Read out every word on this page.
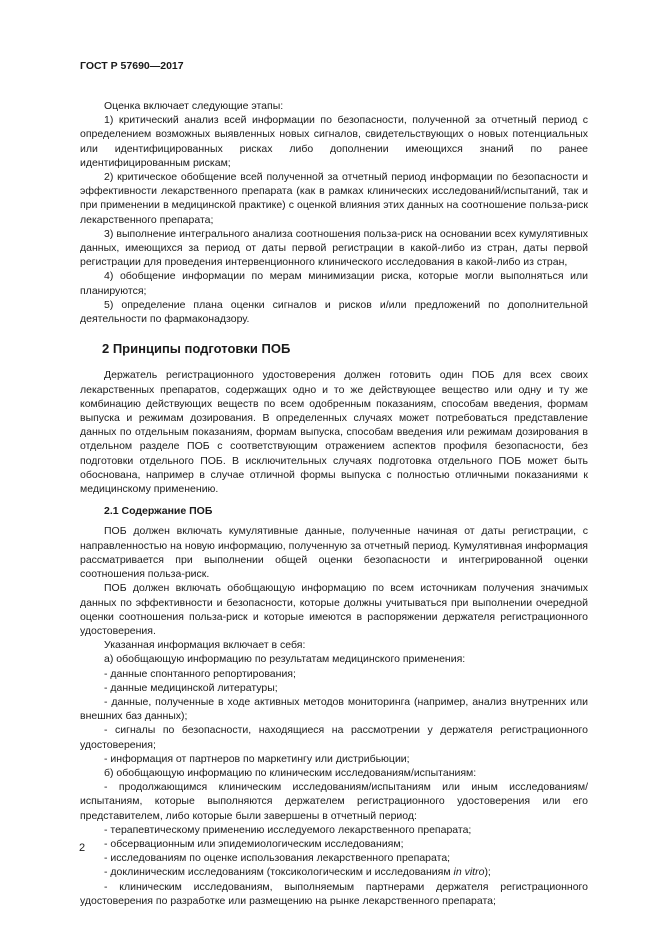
ГОСТ Р 57690—2017

Оценка включает следующие этапы:

1) критический анализ всей информации по безопасности, полученной за отчетный период с определением возможных выявленных новых сигналов, свидетельствующих о новых потенциальных или идентифицированных рисках либо дополнении имеющихся знаний по ранее идентифицированным рискам;

2) критическое обобщение всей полученной за отчетный период информации по безопасности и эффективности лекарственного препарата (как в рамках клинических исследований/испытаний, так и при применении в медицинской практике) с оценкой влияния этих данных на соотношение польза-риск лекарственного препарата;

3) выполнение интегрального анализа соотношения польза-риск на основании всех кумулятивных данных, имеющихся за период от даты первой регистрации в какой-либо из стран, даты первой регистрации для проведения интервенционного клинического исследования в какой-либо из стран,

4) обобщение информации по мерам минимизации риска, которые могли выполняться или планируются;

5) определение плана оценки сигналов и рисков и/или предложений по дополнительной деятельности по фармаконадзору.

2 Принципы подготовки ПОБ

Держатель регистрационного удостоверения должен готовить один ПОБ для всех своих лекарственных препаратов, содержащих одно и то же действующее вещество или одну и ту же комбинацию действующих веществ по всем одобренным показаниям, способам введения, формам выпуска и режимам дозирования. В определенных случаях может потребоваться представление данных по отдельным показаниям, формам выпуска, способам введения или режимам дозирования в отдельном разделе ПОБ с соответствующим отражением аспектов профиля безопасности, без подготовки отдельного ПОБ. В исключительных случаях подготовка отдельного ПОБ может быть обоснована, например в случае отличной формы выпуска с полностью отличными показаниями к медицинскому применению.

2.1 Содержание ПОБ

ПОБ должен включать кумулятивные данные, полученные начиная от даты регистрации, с направленностью на новую информацию, полученную за отчетный период. Кумулятивная информация рассматривается при выполнении общей оценки безопасности и интегрированной оценки соотношения польза-риск.

ПОБ должен включать обобщающую информацию по всем источникам получения значимых данных по эффективности и безопасности, которые должны учитываться при выполнении очередной оценки соотношения польза-риск и которые имеются в распоряжении держателя регистрационного удостоверения.

Указанная информация включает в себя:

а) обобщающую информацию по результатам медицинского применения:

- данные спонтанного репортирования;

- данные медицинской литературы;

- данные, полученные в ходе активных методов мониторинга (например, анализ внутренних или внешних баз данных);

- сигналы по безопасности, находящиеся на рассмотрении у держателя регистрационного удостоверения;

- информация от партнеров по маркетингу или дистрибьюции;

б) обобщающую информацию по клиническим исследованиям/испытаниям:

- продолжающимся клиническим исследованиям/испытаниям или иным исследованиям/испытаниям, которые выполняются держателем регистрационного удостоверения или его представителем, либо которые были завершены в отчетный период:

- терапевтическому применению исследуемого лекарственного препарата;

- обсервационным или эпидемиологическим исследованиям;

- исследованиям по оценке использования лекарственного препарата;

- доклиническим исследованиям (токсикологическим и исследованиям in vitro);

- клиническим исследованиям, выполняемым партнерами держателя регистрационного удостоверения по разработке или размещению на рынке лекарственного препарата;

2
